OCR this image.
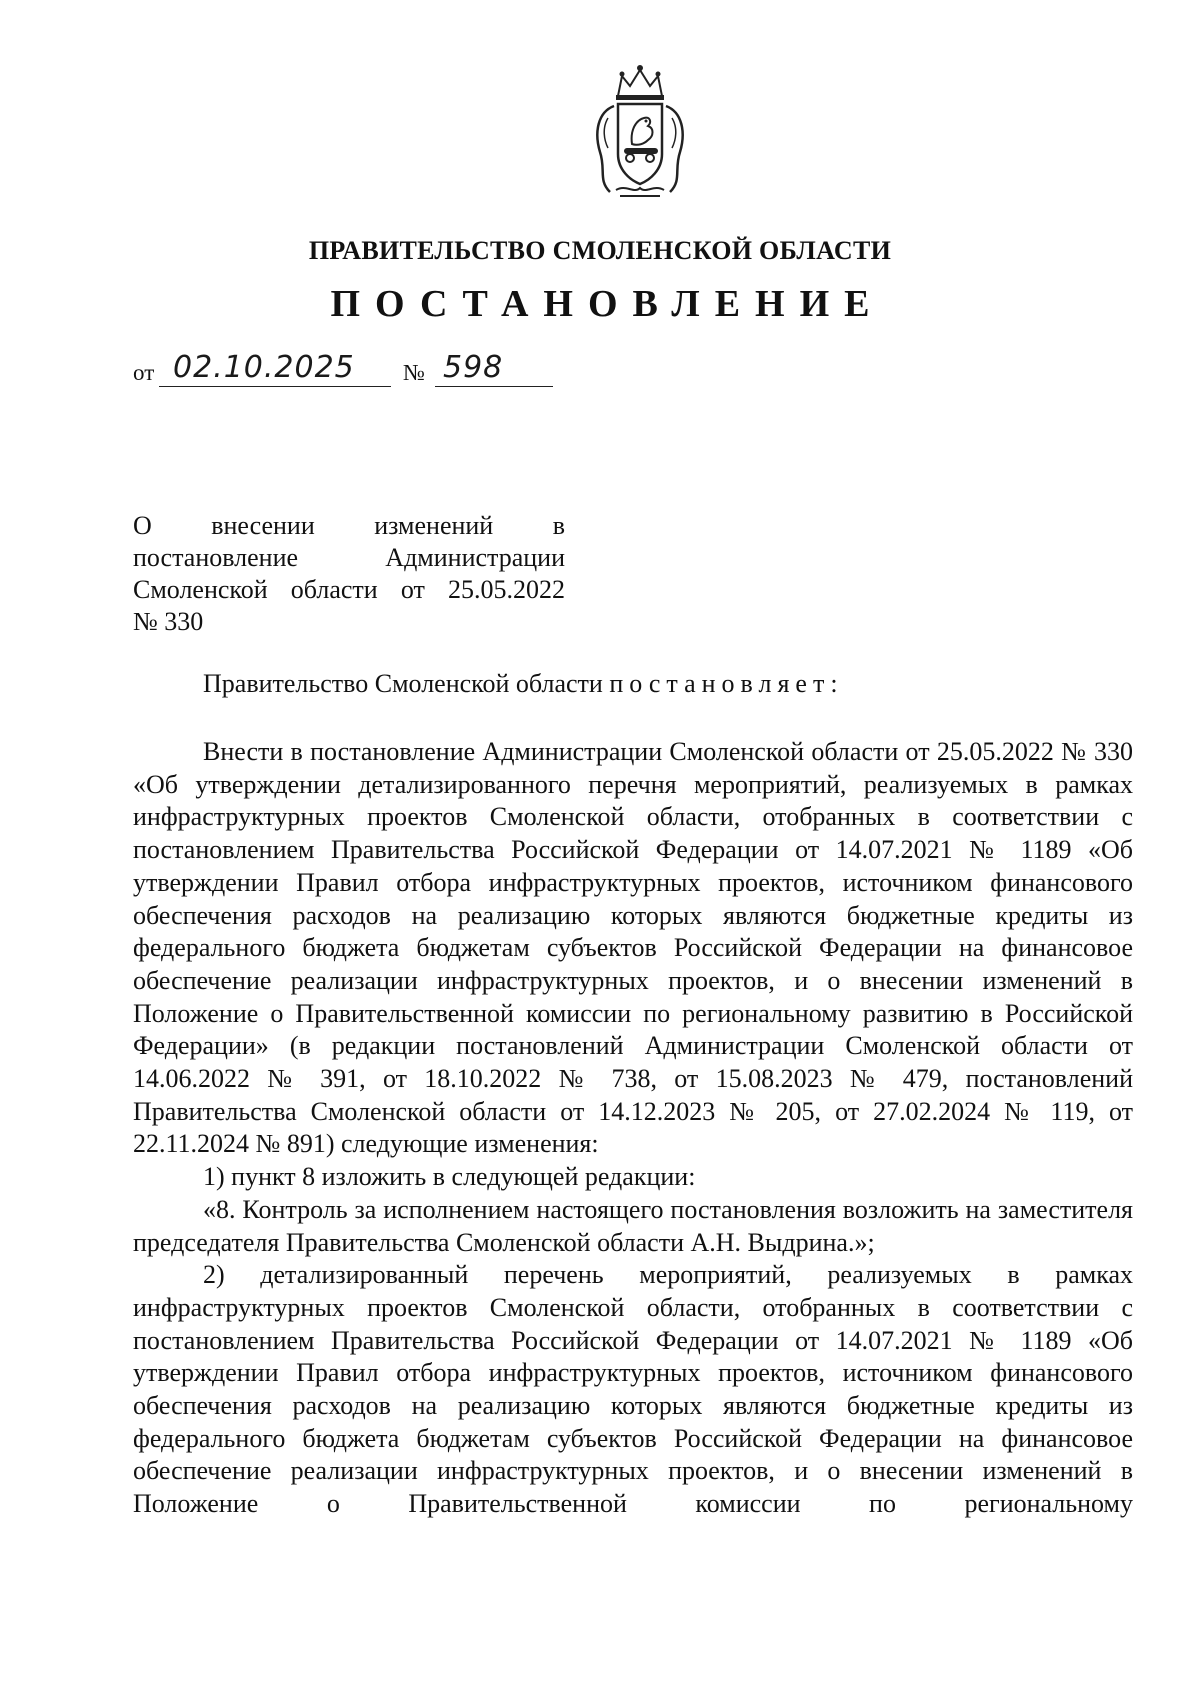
ПРАВИТЕЛЬСТВО СМОЛЕНСКОЙ ОБЛАСТИ
ПОСТАНОВЛЕНИЕ
от 02.10.2025 № 598
О внесении изменений в
постановление	Администрации
Смоленской области от 25.05.2022
№ 330
Правительство Смоленской области постановляет:

Внести в постановление Администрации Смоленской области от 25.05.2022 № 330 «Об утверждении детализированного перечня мероприятий, реализуемых в рамках инфраструктурных проектов Смоленской области, отобранных в соответствии с постановлением Правительства Российской Федерации от 14.07.2021 № 1189 «Об утверждении Правил отбора инфраструктурных проектов, источником финансового обеспечения расходов на реализацию которых являются бюджетные кредиты из федерального бюджета бюджетам субъектов Российской Федерации на финансовое обеспечение реализации инфраструктурных проектов, и о внесении изменений в Положение о Правительственной комиссии по региональному развитию в Российской Федерации» (в редакции постановлений Администрации Смоленской области от 14.06.2022 № 391, от 18.10.2022 № 738, от 15.08.2023 № 479, постановлений Правительства Смоленской области от 14.12.2023 № 205, от 27.02.2024 № 119, от 22.11.2024 № 891) следующие изменения:

1) пункт 8 изложить в следующей редакции:

«8. Контроль за исполнением настоящего постановления возложить на заместителя председателя Правительства Смоленской области А.Н. Выдрина.»;

2) детализированный перечень мероприятий, реализуемых в рамках инфраструктурных проектов Смоленской области, отобранных в соответствии с постановлением Правительства Российской Федерации от 14.07.2021 № 1189 «Об утверждении Правил отбора инфраструктурных проектов, источником финансового обеспечения расходов на реализацию которых являются бюджетные кредиты из федерального бюджета бюджетам субъектов Российской Федерации на финансовое обеспечение реализации инфраструктурных проектов, и о внесении изменений в Положение о Правительственной комиссии по региональному
